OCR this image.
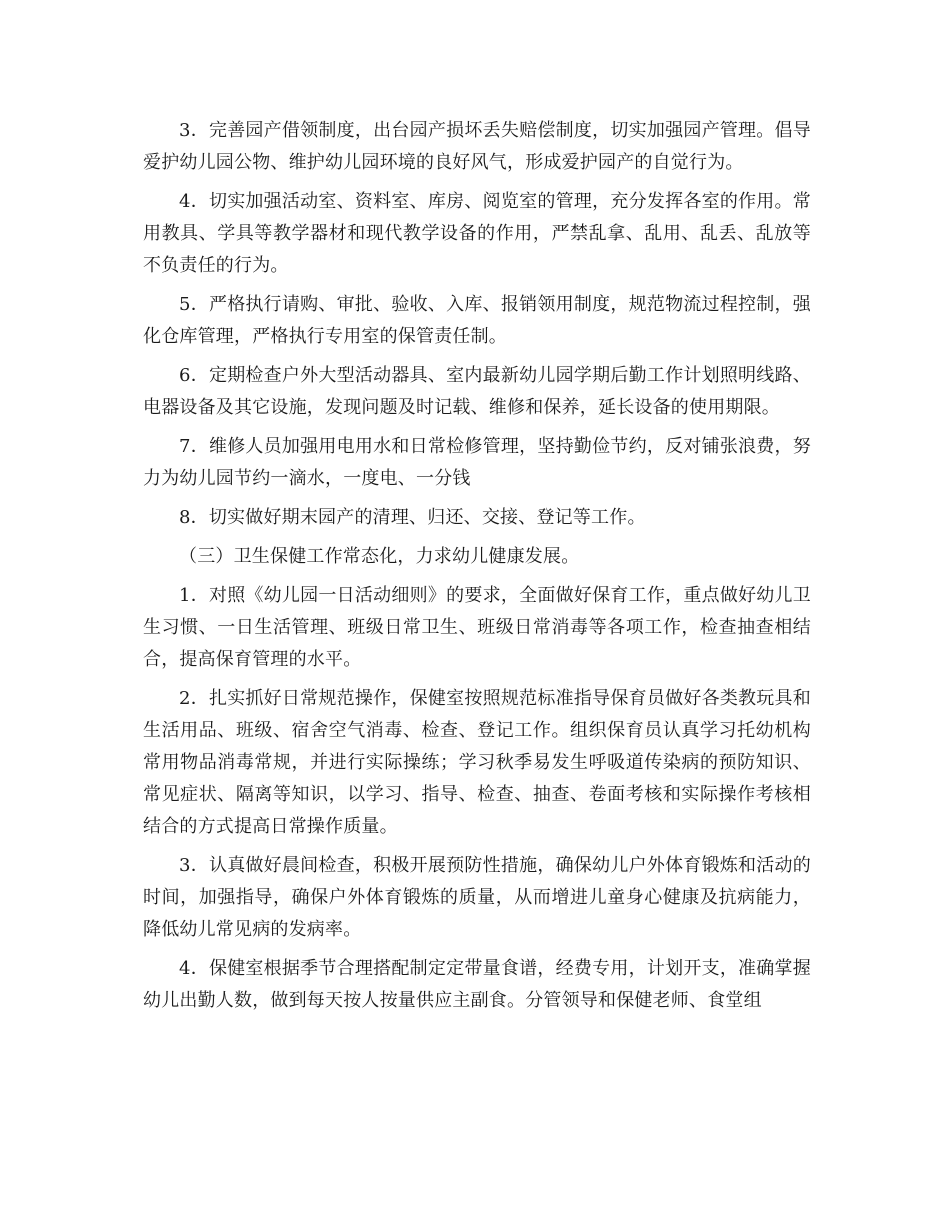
3．完善园产借领制度，出台园产损坏丢失赔偿制度，切实加强园产管理。倡导爱护幼儿园公物、维护幼儿园环境的良好风气，形成爱护园产的自觉行为。

4．切实加强活动室、资料室、库房、阅览室的管理，充分发挥各室的作用。常用教具、学具等教学器材和现代教学设备的作用，严禁乱拿、乱用、乱丢、乱放等不负责任的行为。

5．严格执行请购、审批、验收、入库、报销领用制度，规范物流过程控制，强化仓库管理，严格执行专用室的保管责任制。

6．定期检查户外大型活动器具、室内最新幼儿园学期后勤工作计划照明线路、电器设备及其它设施，发现问题及时记载、维修和保养，延长设备的使用期限。

7．维修人员加强用电用水和日常检修管理，坚持勤俭节约，反对铺张浪费，努力为幼儿园节约一滴水，一度电、一分钱

8．切实做好期末园产的清理、归还、交接、登记等工作。

（三）卫生保健工作常态化，力求幼儿健康发展。

1．对照《幼儿园一日活动细则》的要求，全面做好保育工作，重点做好幼儿卫生习惯、一日生活管理、班级日常卫生、班级日常消毒等各项工作，检查抽查相结合，提高保育管理的水平。

2．扎实抓好日常规范操作，保健室按照规范标准指导保育员做好各类教玩具和生活用品、班级、宿舍空气消毒、检查、登记工作。组织保育员认真学习托幼机构常用物品消毒常规，并进行实际操练；学习秋季易发生呼吸道传染病的预防知识、常见症状、隔离等知识，以学习、指导、检查、抽查、卷面考核和实际操作考核相结合的方式提高日常操作质量。

3．认真做好晨间检查，积极开展预防性措施，确保幼儿户外体育锻炼和活动的时间，加强指导，确保户外体育锻炼的质量，从而增进儿童身心健康及抗病能力，降低幼儿常见病的发病率。

4．保健室根据季节合理搭配制定定带量食谱，经费专用，计划开支，准确掌握幼儿出勤人数，做到每天按人按量供应主副食。分管领导和保健老师、食堂组
